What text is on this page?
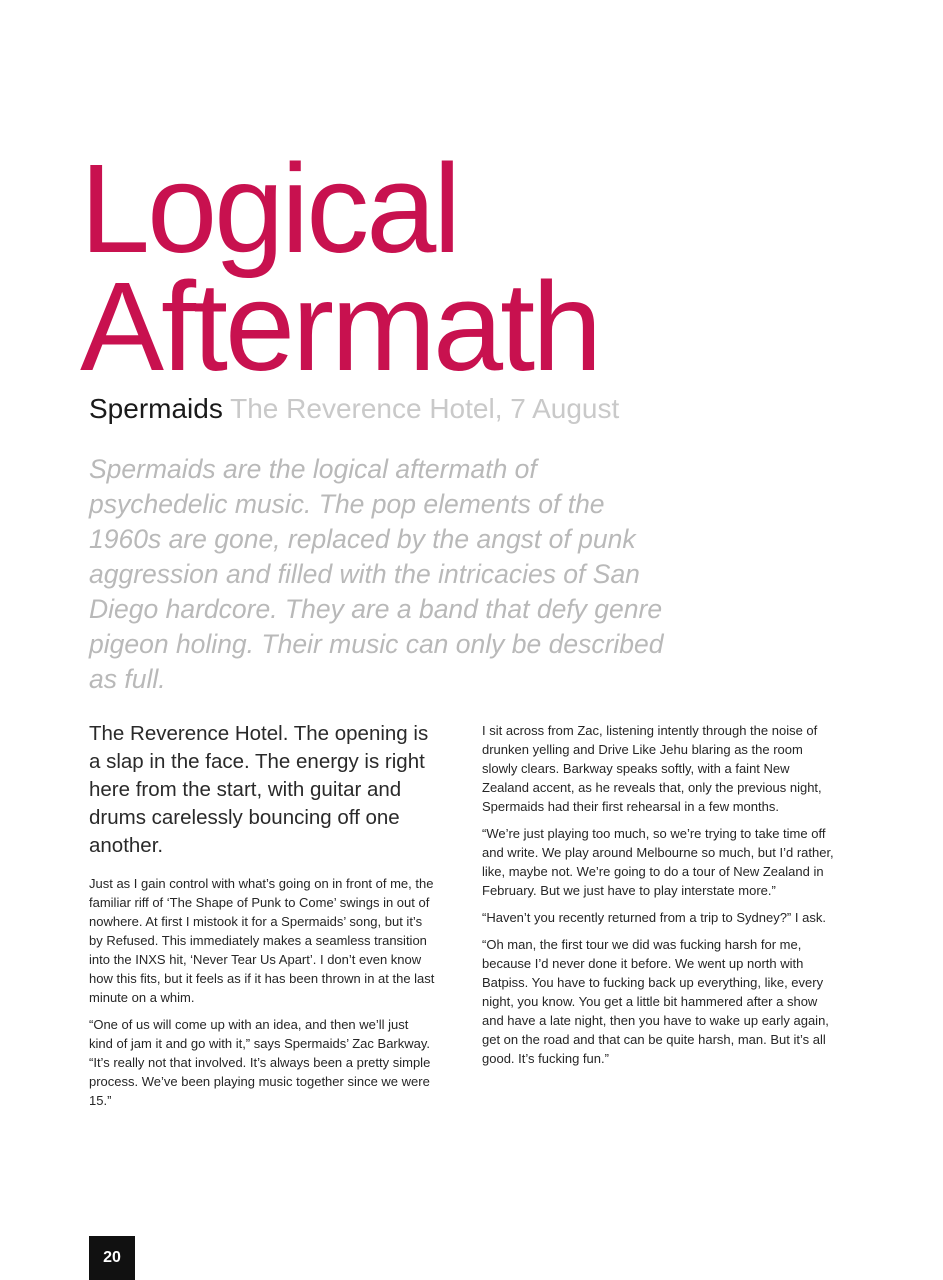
Logical
Aftermath
Spermaids The Reverence Hotel, 7 August

Spermaids are the logical aftermath of psychedelic music. The pop elements of the 1960s are gone, replaced by the angst of punk aggression and filled with the intricacies of San Diego hardcore. They are a band that defy genre pigeon holing. Their music can only be described as full.

The Reverence Hotel. The opening is a slap in the face. The energy is right here from the start, with guitar and drums carelessly bouncing off one another.

Just as I gain control with what’s going on in front of me, the familiar riff of ‘The Shape of Punk to Come’ swings in out of nowhere. At first I mistook it for a Spermaids’ song, but it’s by Refused. This immediately makes a seamless transition into the INXS hit, ‘Never Tear Us Apart’. I don’t even know how this fits, but it feels as if it has been thrown in at the last minute on a whim.

“One of us will come up with an idea, and then we’ll just kind of jam it and go with it,” says Spermaids’ Zac Barkway. “It’s really not that involved. It’s always been a pretty simple process. We’ve been playing music together since we were 15.”

I sit across from Zac, listening intently through the noise of drunken yelling and Drive Like Jehu blaring as the room slowly clears. Barkway speaks softly, with a faint New Zealand accent, as he reveals that, only the previous night, Spermaids had their first rehearsal in a few months.

“We’re just playing too much, so we’re trying to take time off and write. We play around Melbourne so much, but I’d rather, like, maybe not. We’re going to do a tour of New Zealand in February. But we just have to play interstate more.”

“Haven’t you recently returned from a trip to Sydney?” I ask.

“Oh man, the first tour we did was fucking harsh for me, because I’d never done it before. We went up north with Batpiss. You have to fucking back up everything, like, every night, you know. You get a little bit hammered after a show and have a late night, then you have to wake up early again, get on the road and that can be quite harsh, man. But it’s all good. It’s fucking fun.”

20
